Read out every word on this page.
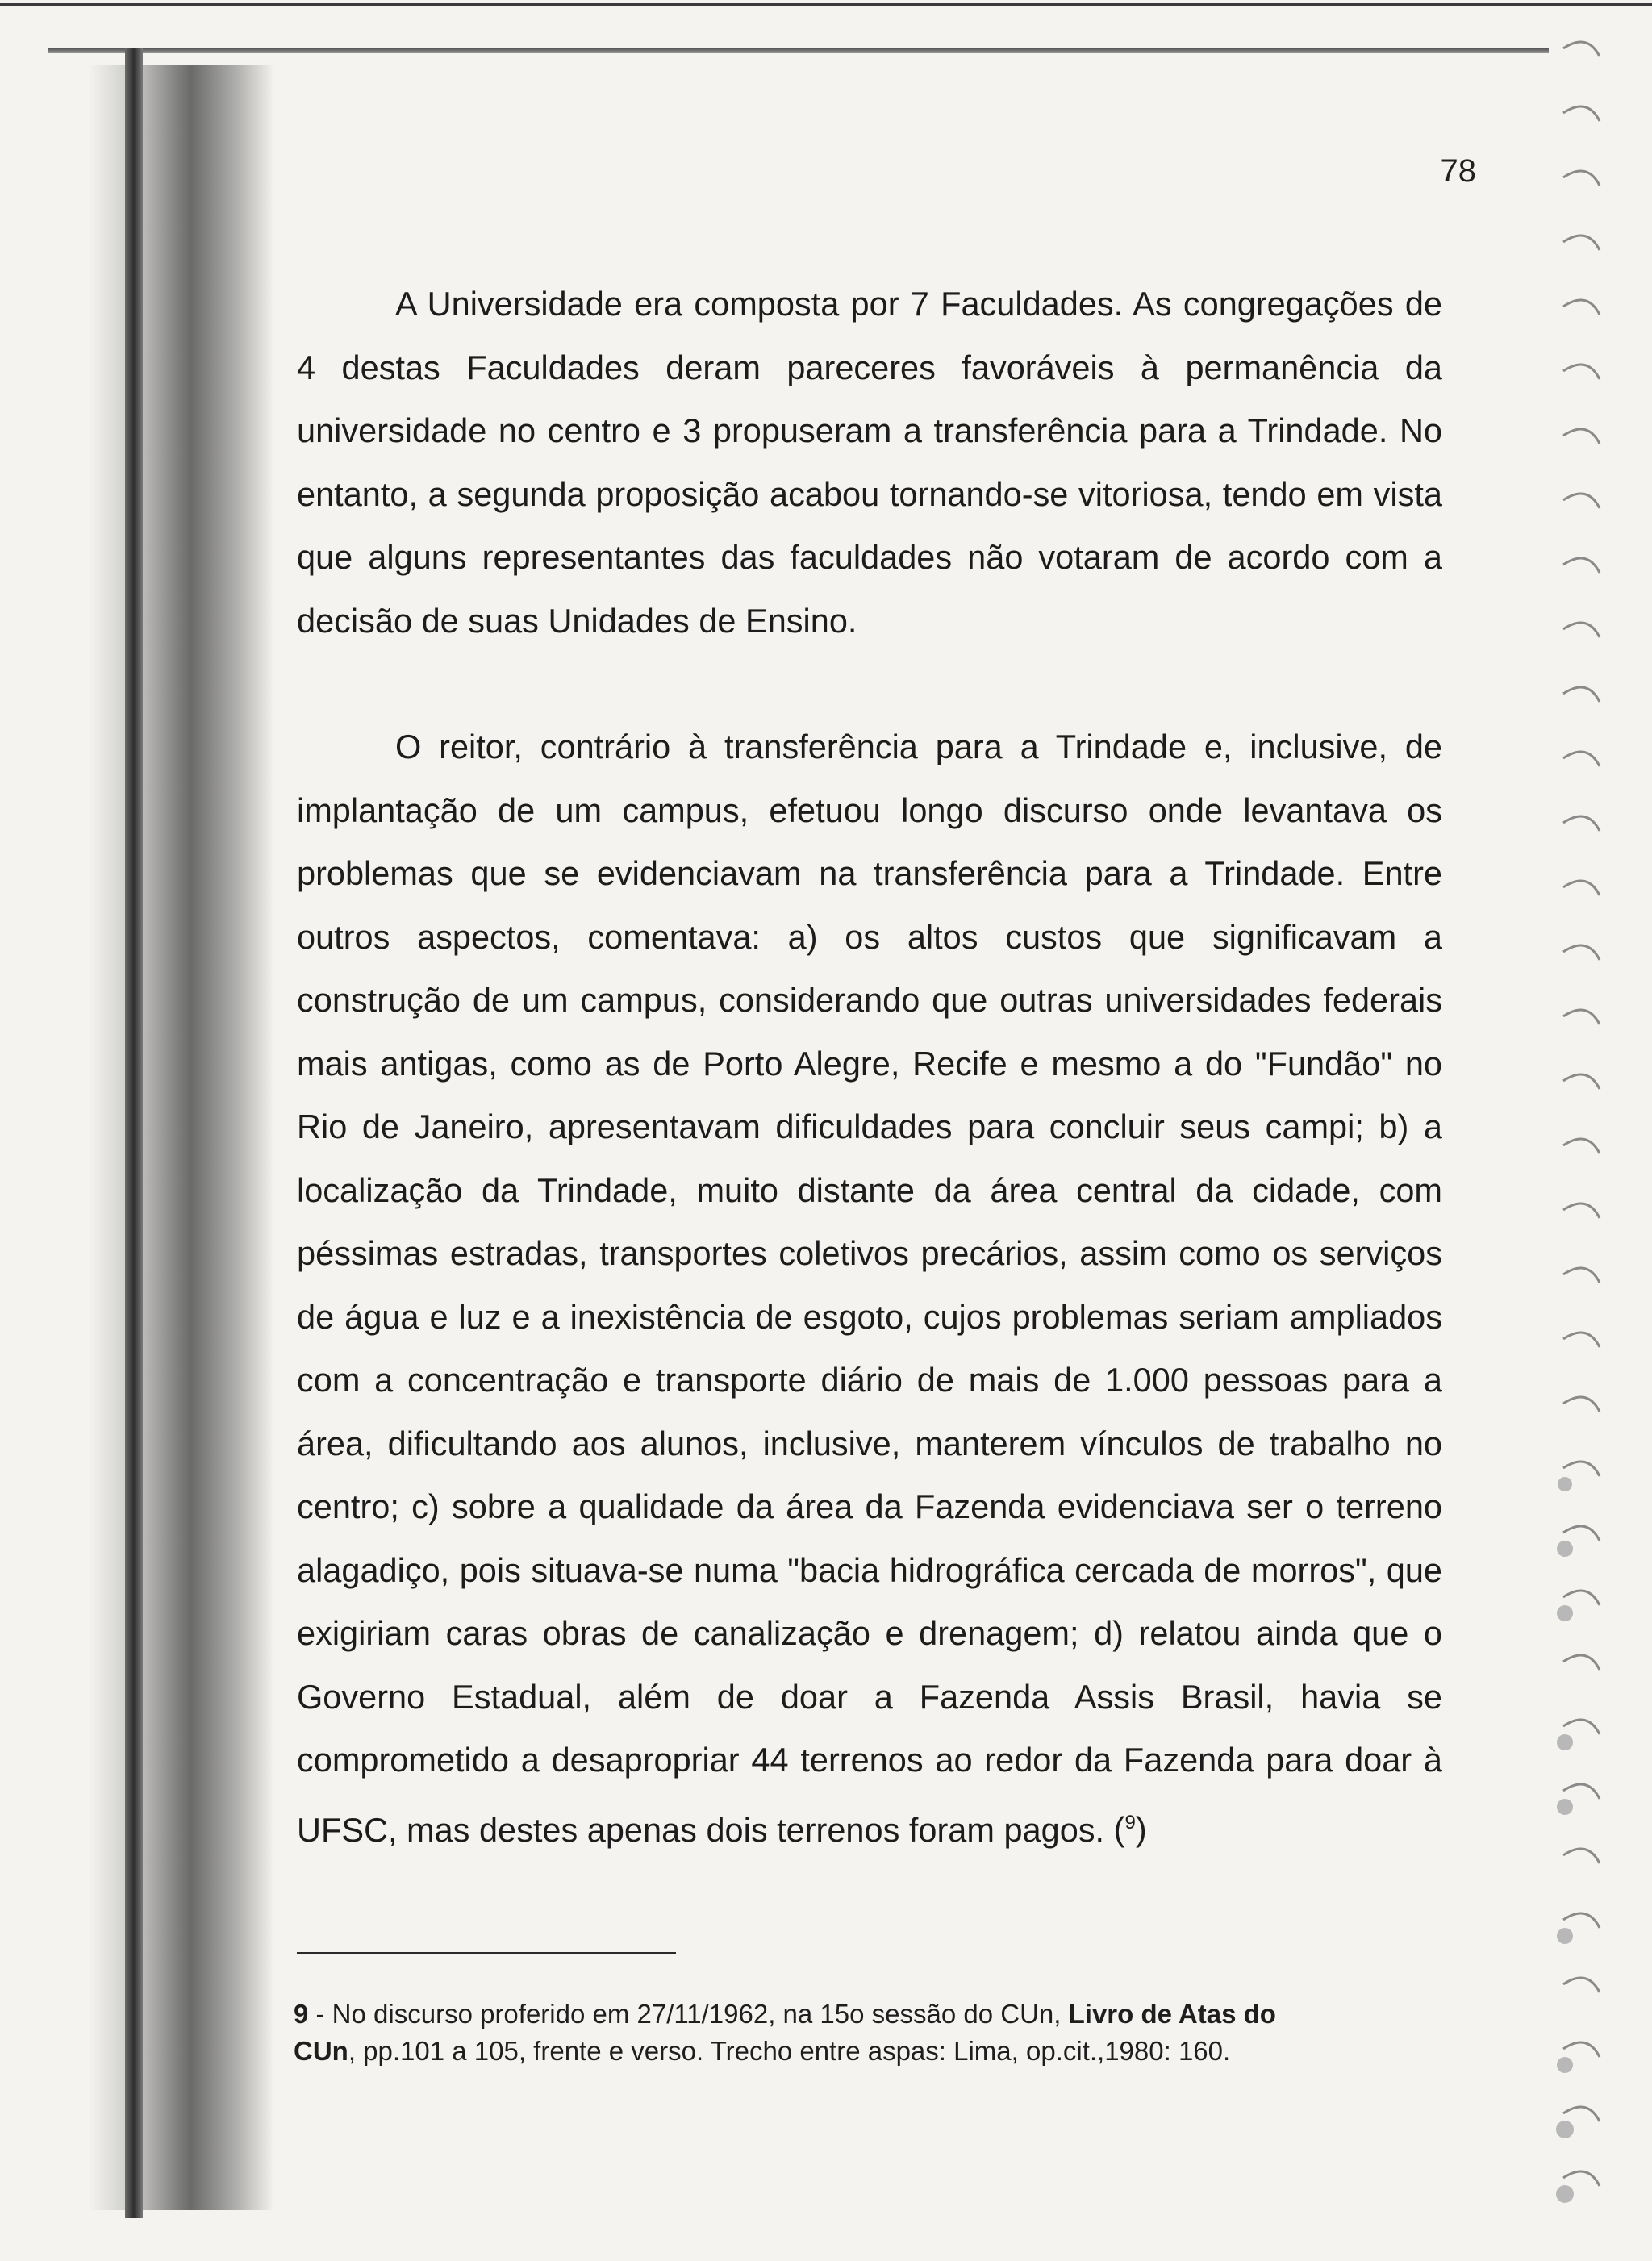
78

A Universidade era composta por 7 Faculdades. As congregações de 4 destas Faculdades deram pareceres favoráveis à permanência da universidade no centro e 3 propuseram a transferência para a Trindade. No entanto, a segunda proposição acabou tornando-se vitoriosa, tendo em vista que alguns representantes das faculdades não votaram de acordo com a decisão de suas Unidades de Ensino.

O reitor, contrário à transferência para a Trindade e, inclusive, de implantação de um campus, efetuou longo discurso onde levantava os problemas que se evidenciavam na transferência para a Trindade. Entre outros aspectos, comentava: a) os altos custos que significavam a construção de um campus, considerando que outras universidades federais mais antigas, como as de Porto Alegre, Recife e mesmo a do "Fundão" no Rio de Janeiro, apresentavam dificuldades para concluir seus campi; b) a localização da Trindade, muito distante da área central da cidade, com péssimas estradas, transportes coletivos precários, assim como os serviços de água e luz e a inexistência de esgoto, cujos problemas seriam ampliados com a concentração e transporte diário de mais de 1.000 pessoas para a área, dificultando aos alunos, inclusive, manterem vínculos de trabalho no centro; c) sobre a qualidade da área da Fazenda evidenciava ser o terreno alagadiço, pois situava-se numa "bacia hidrográfica cercada de morros", que exigiriam caras obras de canalização e drenagem; d) relatou ainda que o Governo Estadual, além de doar a Fazenda Assis Brasil, havia se comprometido a desapropriar 44 terrenos ao redor da Fazenda para doar à UFSC, mas destes apenas dois terrenos foram pagos. ($^9$)

9 - No discurso proferido em 27/11/1962, na 15o sessão do CUn, Livro de Atas do CUn, pp.101 a 105, frente e verso. Trecho entre aspas: Lima, op.cit.,1980: 160.
